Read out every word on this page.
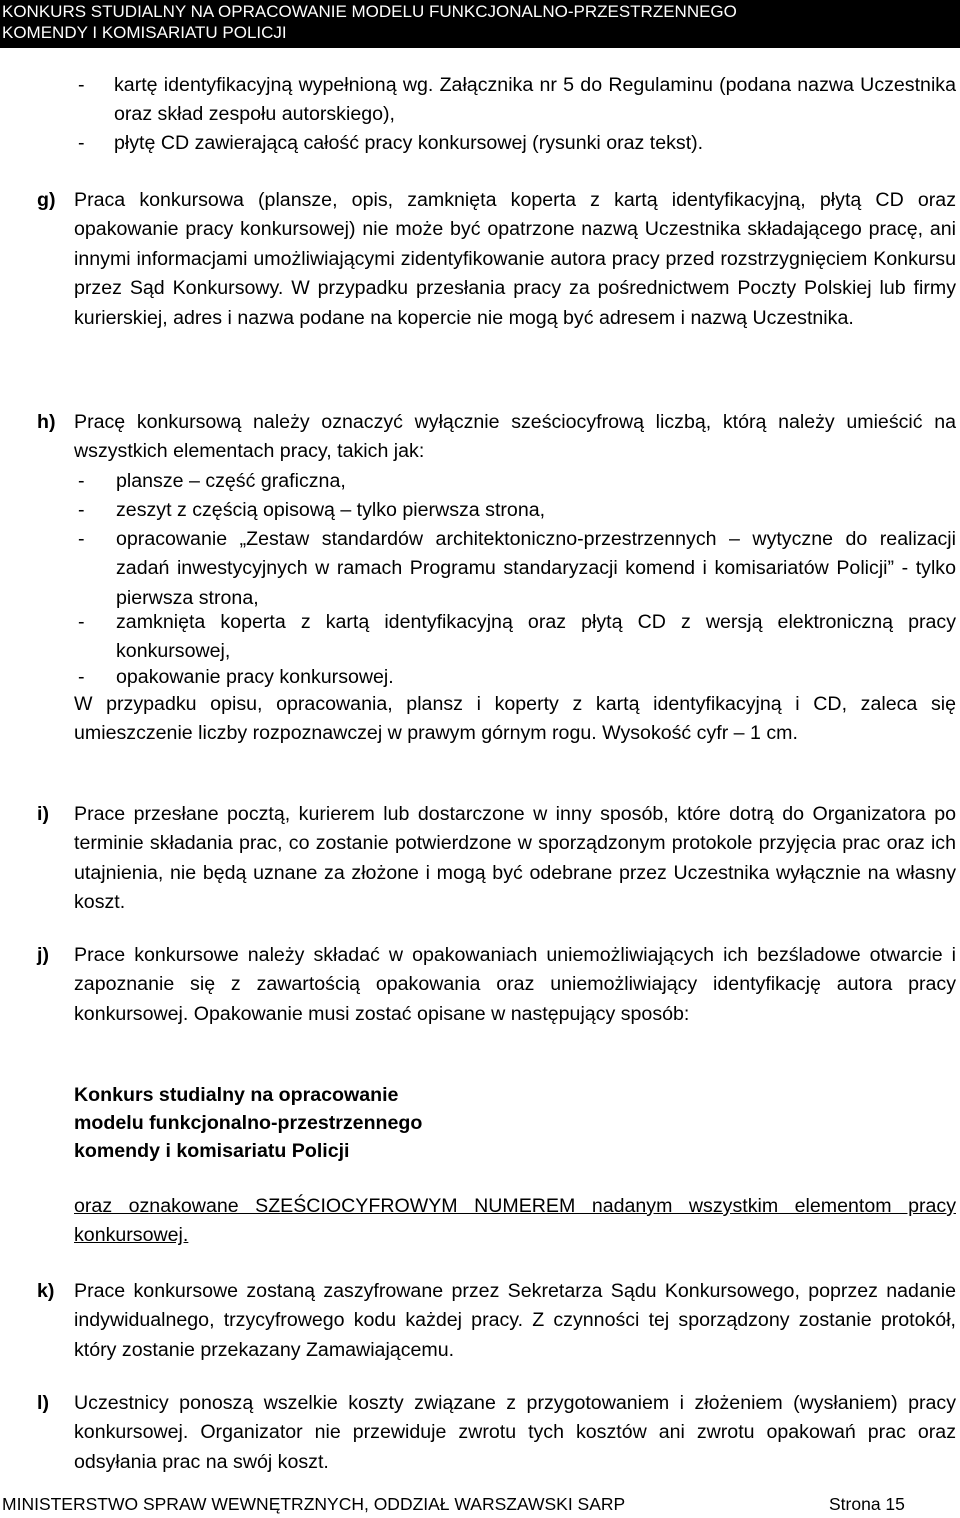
KONKURS STUDIALNY NA OPRACOWANIE MODELU FUNKCJONALNO-PRZESTRZENNEGO
KOMENDY I KOMISARIATU POLICJI
- kartę identyfikacyjną wypełnioną wg. Załącznika nr 5 do Regulaminu (podana nazwa Uczestnika oraz skład zespołu autorskiego),

- płytę CD zawierającą całość pracy konkursowej (rysunki oraz tekst).

g) Praca konkursowa (plansze, opis, zamknięta koperta z kartą identyfikacyjną, płytą CD oraz opakowanie pracy konkursowej) nie może być opatrzone nazwą Uczestnika składającego pracę, ani innymi informacjami umożliwiającymi zidentyfikowanie autora pracy przed rozstrzygnięciem Konkursu przez Sąd Konkursowy. W przypadku przesłania pracy za pośrednictwem Poczty Polskiej lub firmy kurierskiej, adres i nazwa podane na kopercie nie mogą być adresem i nazwą Uczestnika.

h) Pracę konkursową należy oznaczyć wyłącznie sześciocyfrową liczbą, którą należy umieścić na wszystkich elementach pracy, takich jak:

- plansze – część graficzna,

- zeszyt z częścią opisową – tylko pierwsza strona,

- opracowanie „Zestaw standardów architektoniczno-przestrzennych – wytyczne do realizacji zadań inwestycyjnych w ramach Programu standaryzacji komend i komisariatów Policji” - tylko pierwsza strona,

- zamknięta koperta z kartą identyfikacyjną oraz płytą CD z wersją elektroniczną pracy konkursowej,

- opakowanie pracy konkursowej.

W przypadku opisu, opracowania, plansz i koperty z kartą identyfikacyjną i CD, zaleca się umieszczenie liczby rozpoznawczej w prawym górnym rogu. Wysokość cyfr – 1 cm.

i) Prace przesłane pocztą, kurierem lub dostarczone w inny sposób, które dotrą do Organizatora po terminie składania prac, co zostanie potwierdzone w sporządzonym protokole przyjęcia prac oraz ich utajnienia, nie będą uznane za złożone i mogą być odebrane przez Uczestnika wyłącznie na własny koszt.

j) Prace konkursowe należy składać w opakowaniach uniemożliwiających ich bezśladowe otwarcie i zapoznanie się z zawartością opakowania oraz uniemożliwiający identyfikację autora pracy konkursowej. Opakowanie musi zostać opisane w następujący sposób:

Konkurs studialny na opracowanie
modelu funkcjonalno-przestrzennego
komendy i komisariatu Policji

oraz oznakowane SZEŚCIOCYFROWYM NUMEREM nadanym wszystkim elementom pracy konkursowej.

k) Prace konkursowe zostaną zaszyfrowane przez Sekretarza Sądu Konkursowego, poprzez nadanie indywidualnego, trzycyfrowego kodu każdej pracy. Z czynności tej sporządzony zostanie protokół, który zostanie przekazany Zamawiającemu.

l) Uczestnicy ponoszą wszelkie koszty związane z przygotowaniem i złożeniem (wysłaniem) pracy konkursowej. Organizator nie przewiduje zwrotu tych kosztów ani zwrotu opakowań prac oraz odsyłania prac na swój koszt.

MINISTERSTWO SPRAW WEWNĘTRZNYCH, ODDZIAŁ WARSZAWSKI SARP	Strona 15
